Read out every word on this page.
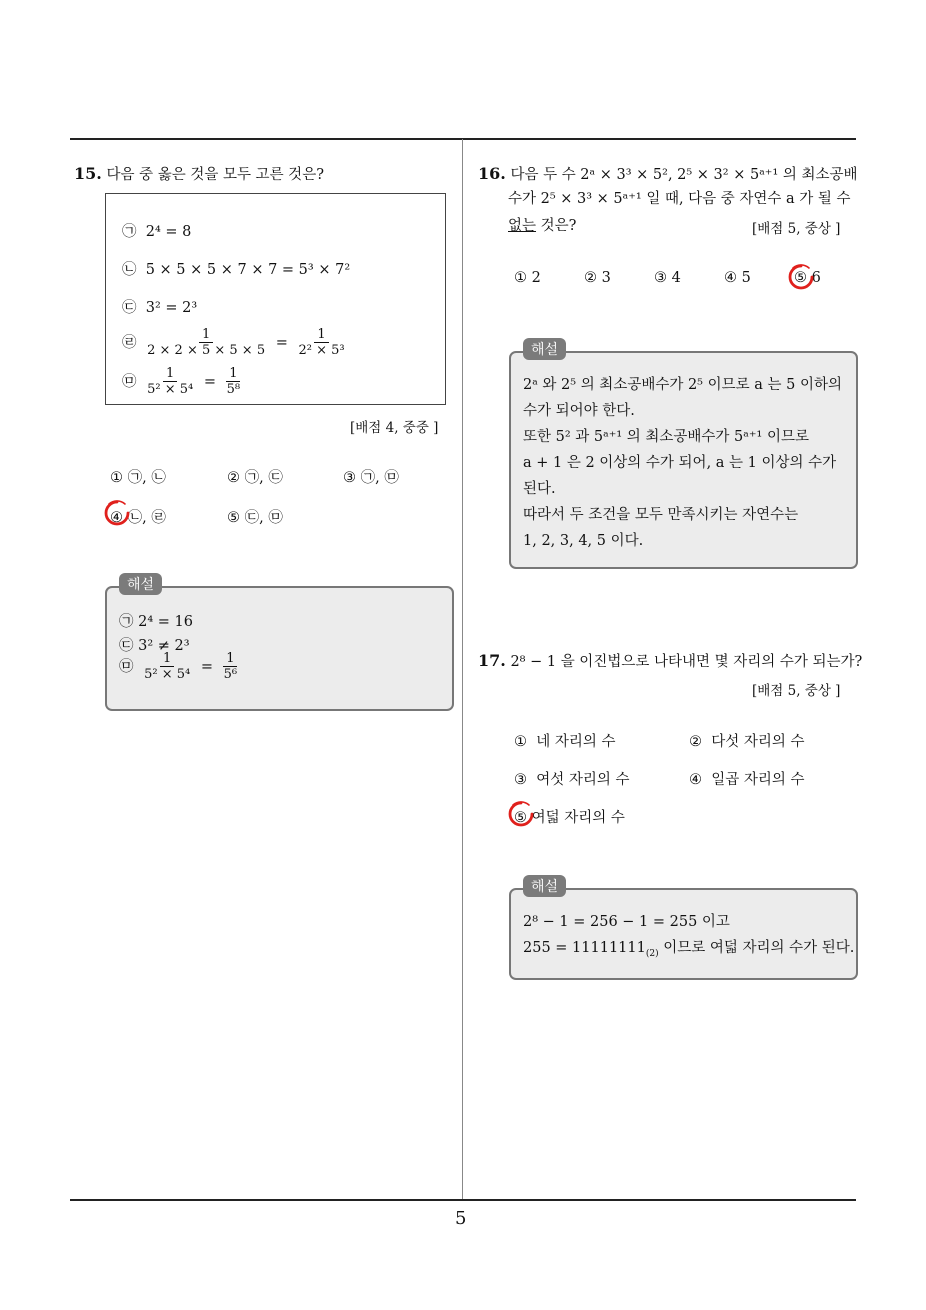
5
15. 다음 중 옳은 것을 모두 고른 것은?
㉠ 2⁴ = 8
㉡ 5 × 5 × 5 × 7 × 7 = 5³ × 7²
㉢ 3² = 2³
㉣ $\frac{1}{2 \times 2 \times 5 \times 5 \times 5} = \frac{1}{\text{2² × 5³}}$
㉤ $\frac{1}{\text{5² × 5⁴}} = \frac{1}{\text{5⁸}}$
[배점 4, 중중 ]
① ㉠, ㉡	② ㉠, ㉢	③ ㉠, ㉤
④ ㉡, ㉣	⑤ ㉢, ㉤
해설
㉠ 2⁴ = 16
㉢ 3² ≠ 2³
㉤ $\frac{1}{\text{5² × 5⁴}} = \frac{1}{\text{5⁶}}$
16. 다음 두 수 2ᵃ × 3³ × 5², 2⁵ × 3² × 5ᵃ⁺¹ 의 최소공배
수가 2⁵ × 3³ × 5ᵃ⁺¹ 일 때, 다음 중 자연수 a 가 될 수
없는 것은?	[배점 5, 중상 ]
① 2	② 3	③ 4	④ 5	⑤ 6
해설
2ᵃ 와 2⁵ 의 최소공배수가 2⁵ 이므로 a 는 5 이하의
수가 되어야 한다.
또한 5² 과 5ᵃ⁺¹ 의 최소공배수가 5ᵃ⁺¹ 이므로
a + 1 은 2 이상의 수가 되어, a 는 1 이상의 수가
된다.
따라서 두 조건을 모두 만족시키는 자연수는
1, 2, 3, 4, 5 이다.
17. 2⁸ − 1 을 이진법으로 나타내면 몇 자리의 수가 되는가?
[배점 5, 중상 ]
① 네 자리의 수	② 다섯 자리의 수
③ 여섯 자리의 수	④ 일곱 자리의 수
⑤ 여덟 자리의 수
해설
2⁸ − 1 = 256 − 1 = 255 이고
$255 = 11111111_{(2)}$ 이므로 여덟 자리의 수가 된다.
